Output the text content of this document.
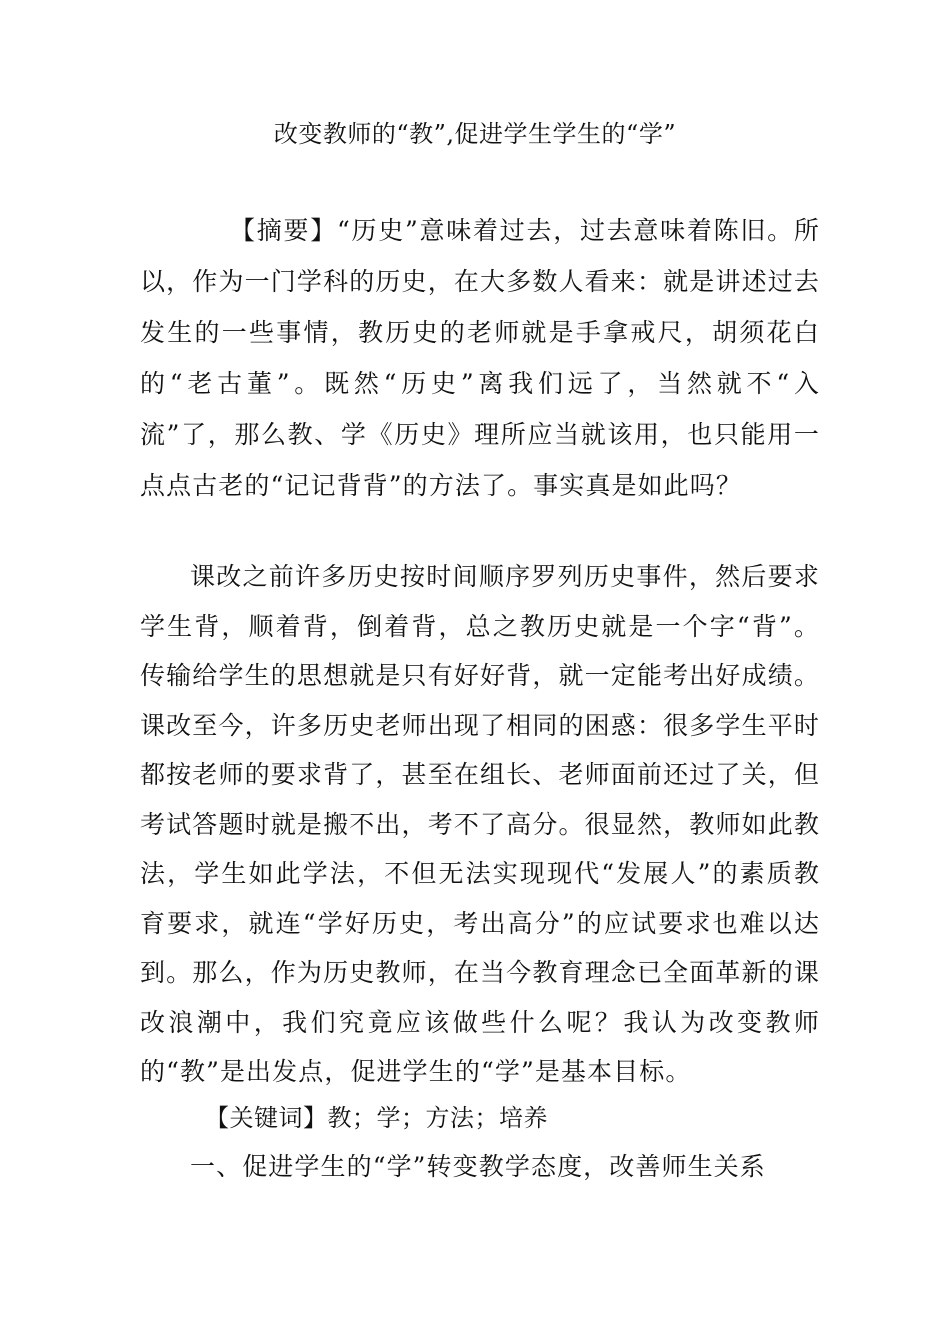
改变教师的“教”,促进学生学生的“学”
【摘要】“历史”意味着过去，过去意味着陈旧。所以，作为一门学科的历史，在大多数人看来：就是讲述过去发生的一些事情，教历史的老师就是手拿戒尺，胡须花白的“老古董”。既然“历史”离我们远了，当然就不“入流”了，那么教、学《历史》理所应当就该用，也只能用一点点古老的“记记背背”的方法了。事实真是如此吗？
课改之前许多历史按时间顺序罗列历史事件，然后要求学生背，顺着背，倒着背，总之教历史就是一个字“背”。传输给学生的思想就是只有好好背，就一定能考出好成绩。课改至今，许多历史老师出现了相同的困惑：很多学生平时都按老师的要求背了，甚至在组长、老师面前还过了关，但考试答题时就是搬不出，考不了高分。很显然，教师如此教法，学生如此学法，不但无法实现现代“发展人”的素质教育要求，就连“学好历史，考出高分”的应试要求也难以达到。那么，作为历史教师，在当今教育理念已全面革新的课改浪潮中，我们究竟应该做些什么呢？我认为改变教师的“教”是出发点，促进学生的“学”是基本目标。
【关键词】教；学；方法；培养
一、促进学生的“学”转变教学态度，改善师生关系
